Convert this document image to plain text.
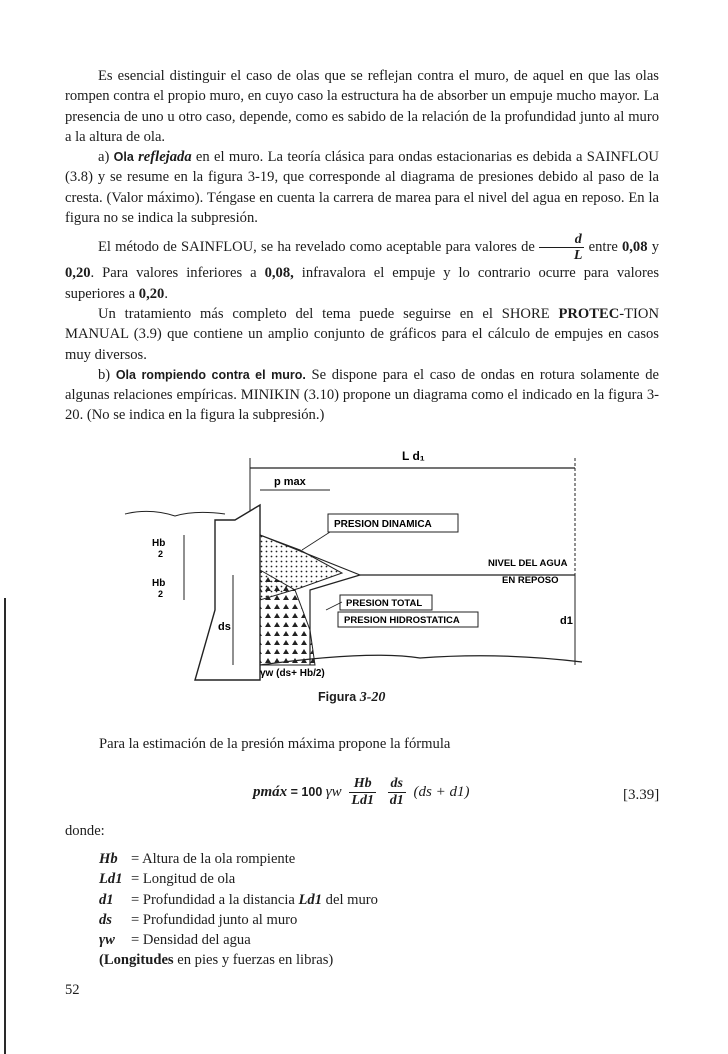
Es esencial distinguir el caso de olas que se reflejan contra el muro, de aquel en que las olas rompen contra el propio muro, en cuyo caso la estructura ha de absorber un empuje mucho mayor. La presencia de uno u otro caso, depende, como es sabido de la relación de la profundidad junto al muro a la altura de ola.

a) Ola reflejada en el muro. La teoría clásica para ondas estacionarias es debida a SAINFLOU (3.8) y se resume en la figura 3-19, que corresponde al diagrama de presiones debido al paso de la cresta. (Valor máximo). Téngase en cuenta la carrera de marea para el nivel del agua en reposo. En la figura no se indica la subpresión.

El método de SAINFLOU, se ha revelado como aceptable para valores de $\frac{d}{L}$ entre 0,08 y 0,20. Para valores inferiores a 0,08, infravalora el empuje y lo contrario ocurre para valores superiores a 0,20.

Un tratamiento más completo del tema puede seguirse en el SHORE PROTEC-TION MANUAL (3.9) que contiene un amplio conjunto de gráficos para el cálculo de empujes en casos muy diversos.

b) Ola rompiendo contra el muro. Se dispone para el caso de ondas en rotura solamente de algunas relaciones empíricas. MINIKIN (3.10) propone un diagrama como el indicado en la figura 3-20. (No se indica en la figura la subpresión.)

L d₁
p max
PRESION DINAMICA
NIVEL DEL AGUA
EN REPOSO
PRESION TOTAL
PRESION HIDROSTATICA
Hb
2
Hb
2
ds	d1
γw (ds+ Hb/2)
Figura 3-20
Para la estimación de la presión máxima propone la fórmula
pmáx = 100 γw $\frac{Hb}{Ld1}$
$\frac{ds}{d1} (ds + d1)$	[3.39]
donde:
Hb = Altura de la ola rompiente
Ld1 = Longitud de ola
d1 = Profundidad a la distancia Ld1 del muro
ds = Profundidad junto al muro
γw = Densidad del agua
(Longitudes en pies y fuerzas en libras)
52
